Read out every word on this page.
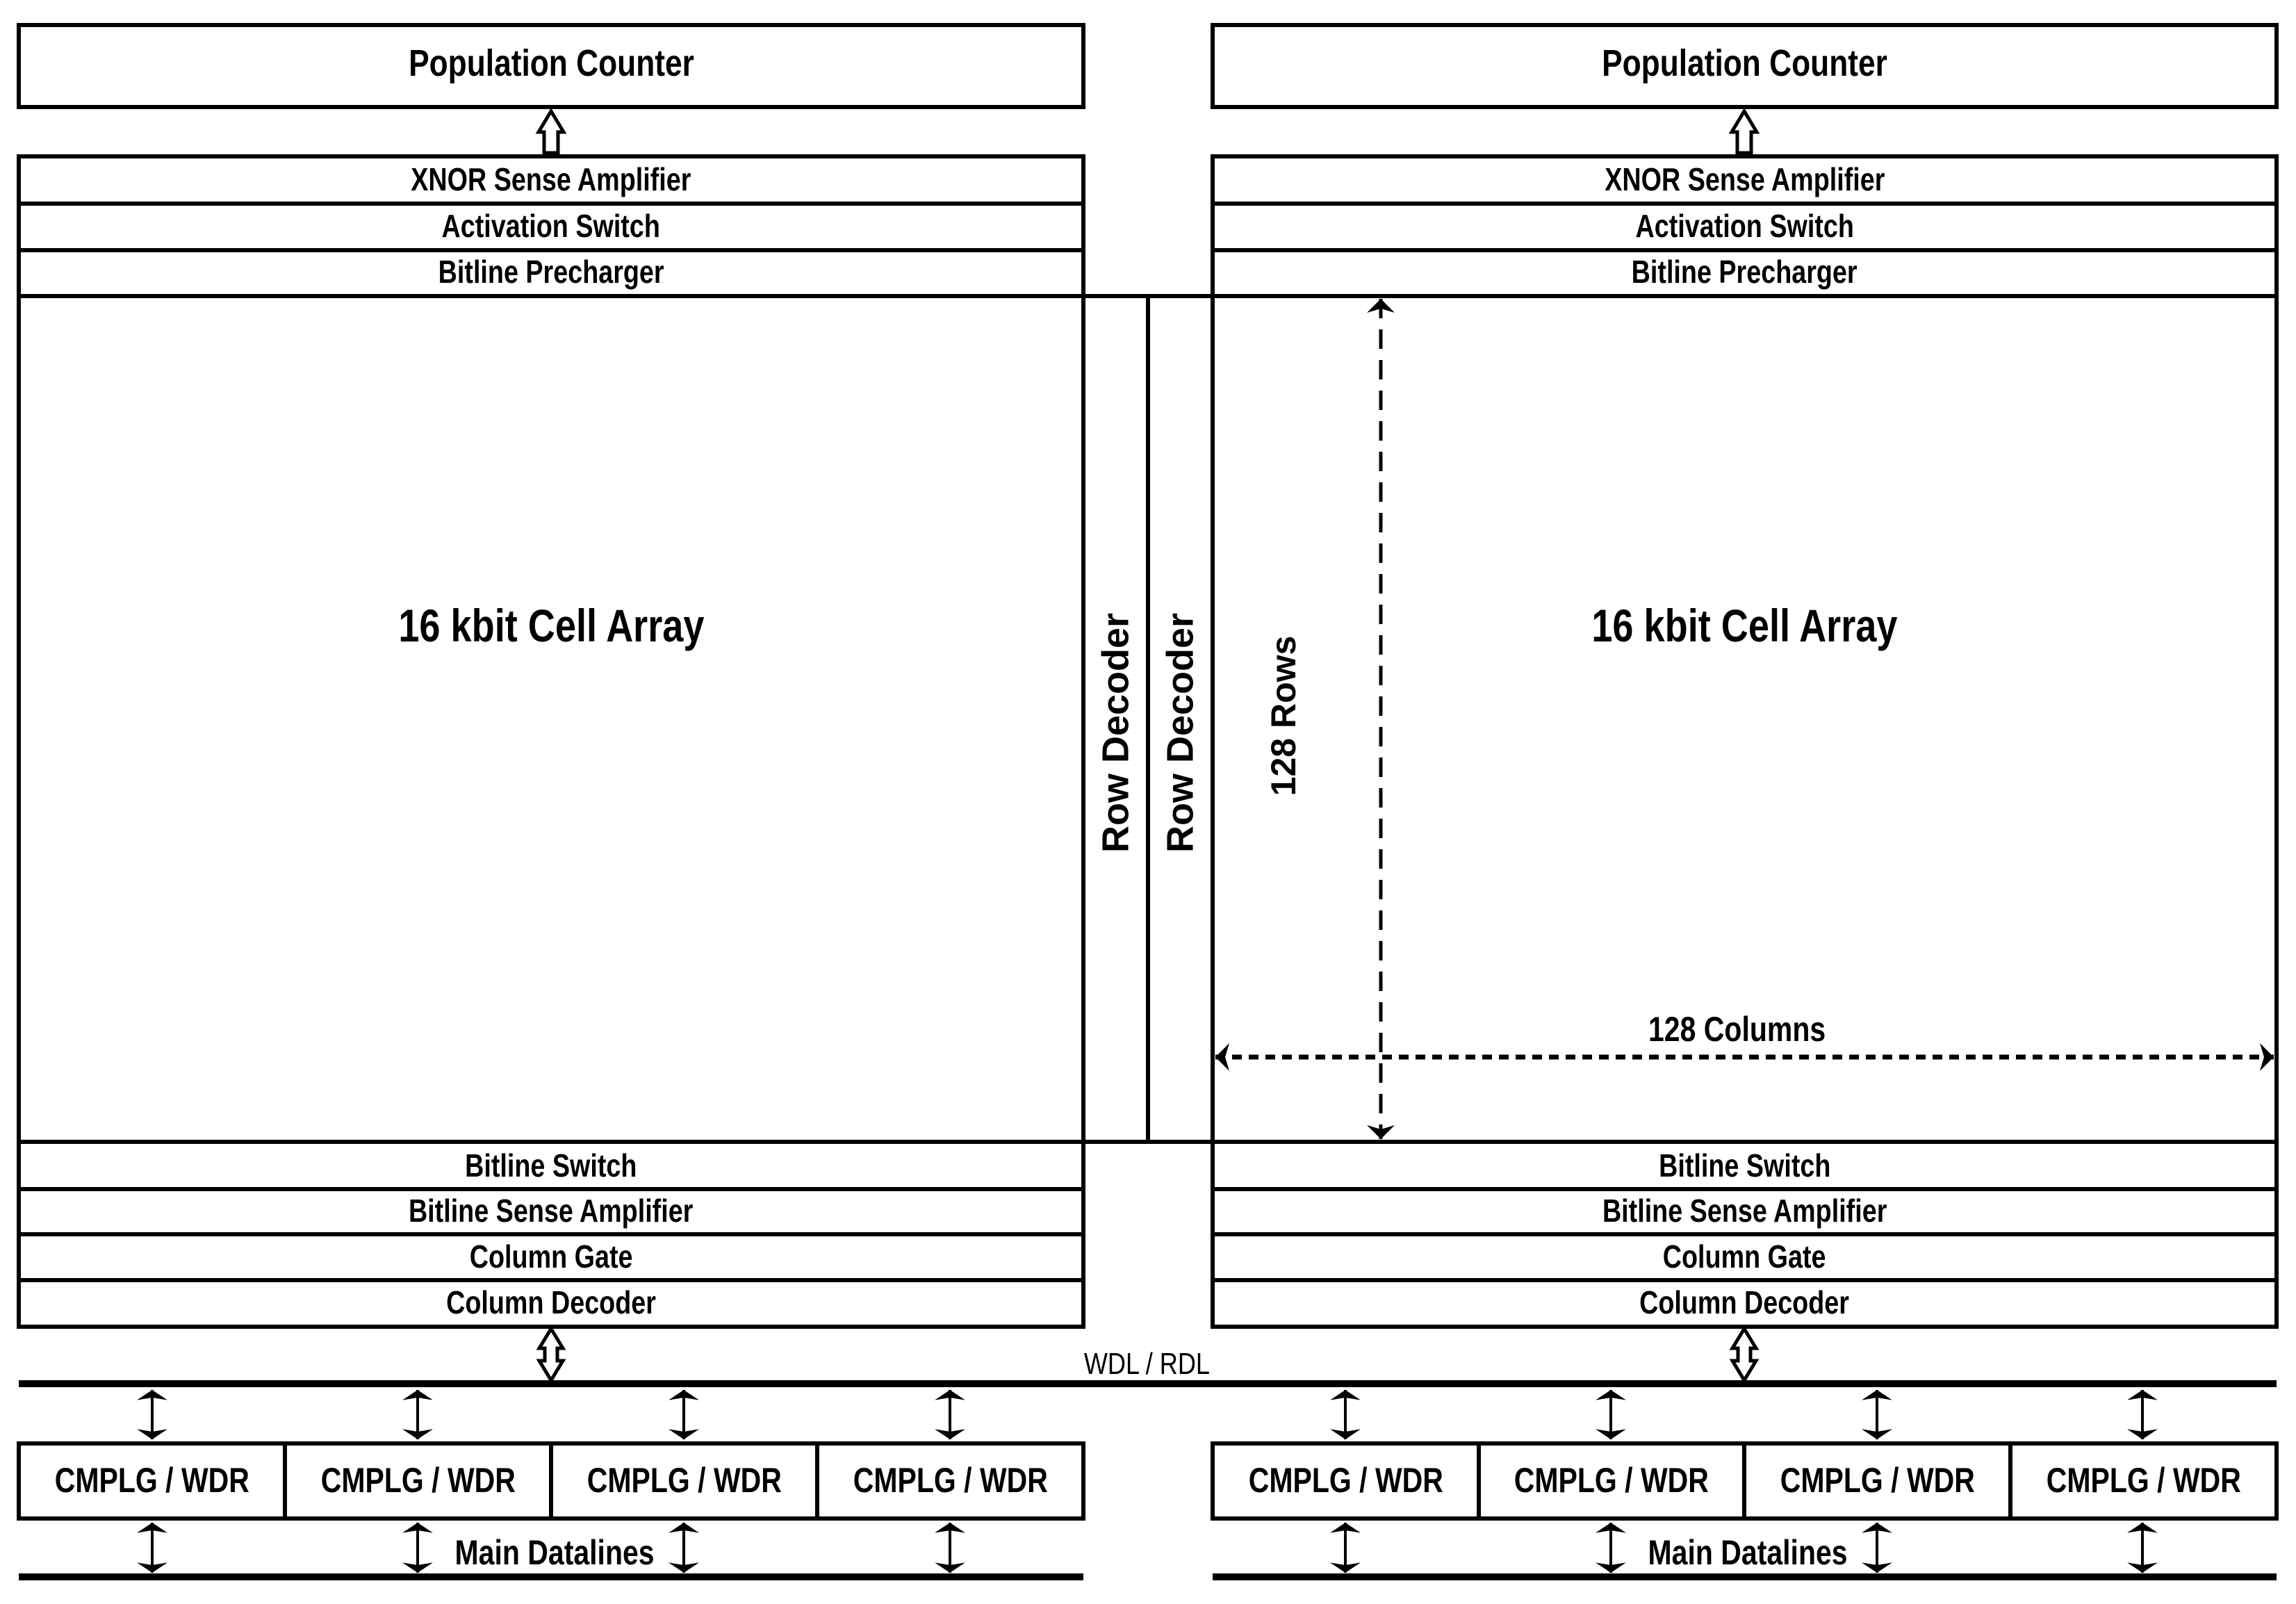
Population Counter
XNOR Sense Amplifier
Activation Switch
Bitline Precharger
16 kbit Cell Array
Bitline Switch
Bitline Sense Amplifier
Column Gate
Column Decoder
CMPLG / WDR	CMPLG / WDR	CMPLG / WDR	CMPLG / WDR
Main Datalines
Row Decoder Row Decoder
Population Counter
XNOR Sense Amplifier
Activation Switch
Bitline Precharger
16 kbit Cell Array
128 Rows
128 Columns
Bitline Switch
Bitline Sense Amplifier
Column Gate
Column Decoder
CMPLG / WDR	CMPLG / WDR	CMPLG / WDR	CMPLG / WDR
Main Datalines
WDL / RDL
